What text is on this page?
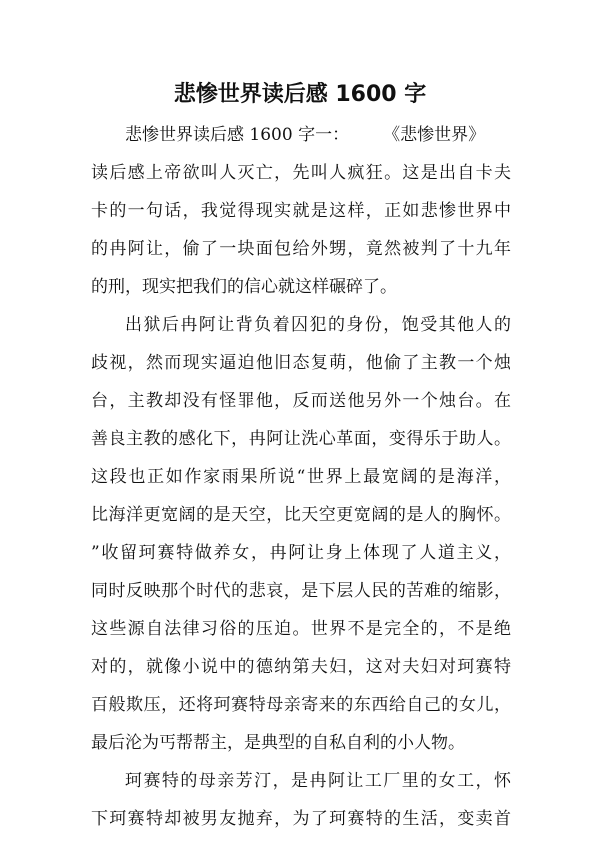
悲惨世界读后感 1600 字
悲惨世界读后感 1600 字一：　　　《悲惨世界》
读后感上帝欲叫人灭亡，先叫人疯狂。这是出自卡夫
卡的一句话，我觉得现实就是这样，正如悲惨世界中
的冉阿让，偷了一块面包给外甥，竟然被判了十九年
的刑，现实把我们的信心就这样碾碎了。
出狱后冉阿让背负着囚犯的身份，饱受其他人的
歧视，然而现实逼迫他旧态复萌，他偷了主教一个烛
台，主教却没有怪罪他，反而送他另外一个烛台。在
善良主教的感化下，冉阿让洗心革面，变得乐于助人。
这段也正如作家雨果所说“世界上最宽阔的是海洋，
比海洋更宽阔的是天空，比天空更宽阔的是人的胸怀。
”收留珂赛特做养女，冉阿让身上体现了人道主义，
同时反映那个时代的悲哀，是下层人民的苦难的缩影，
这些源自法律习俗的压迫。世界不是完全的，不是绝
对的，就像小说中的德纳第夫妇，这对夫妇对珂赛特
百般欺压，还将珂赛特母亲寄来的东西给自己的女儿，
最后沦为丐帮帮主，是典型的自私自利的小人物。
珂赛特的母亲芳汀，是冉阿让工厂里的女工，怀
下珂赛特却被男友抛弃，为了珂赛特的生活，变卖首
